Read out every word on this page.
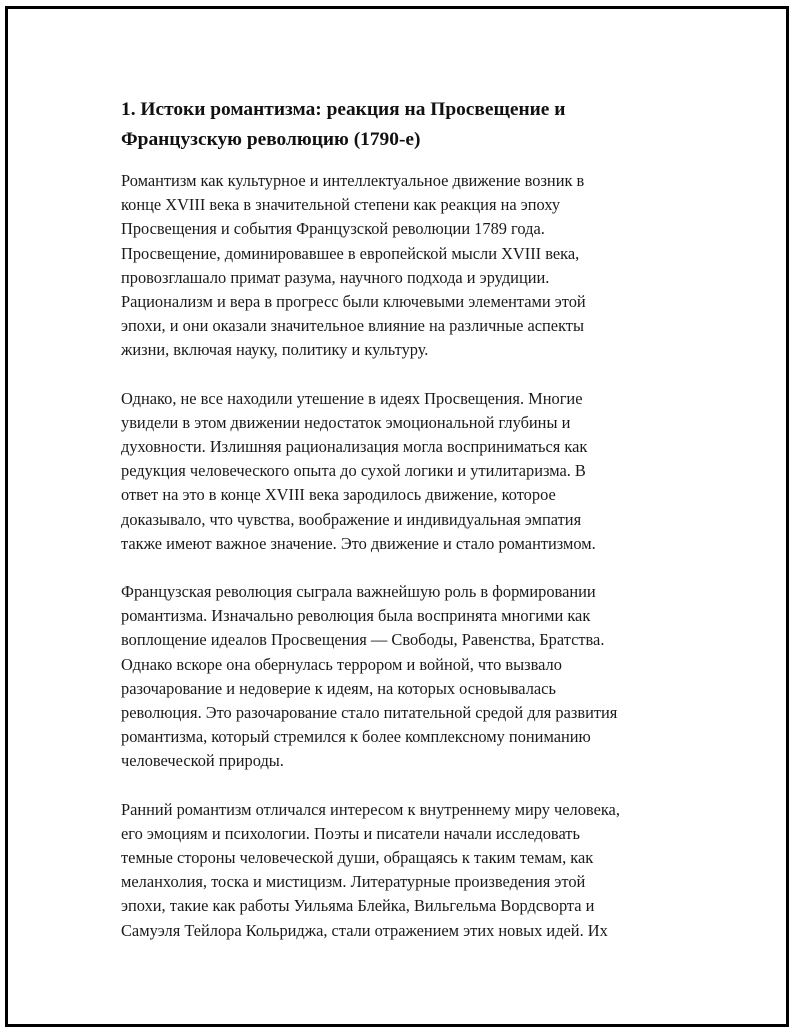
1. Истоки романтизма: реакция на Просвещение и
Французскую революцию (1790-е)

Романтизм как культурное и интеллектуальное движение возник в
конце XVIII века в значительной степени как реакция на эпоху
Просвещения и события Французской революции 1789 года.
Просвещение, доминировавшее в европейской мысли XVIII века,
провозглашало примат разума, научного подхода и эрудиции.
Рационализм и вера в прогресс были ключевыми элементами этой
эпохи, и они оказали значительное влияние на различные аспекты
жизни, включая науку, политику и культуру.

Однако, не все находили утешение в идеях Просвещения. Многие
увидели в этом движении недостаток эмоциональной глубины и
духовности. Излишняя рационализация могла восприниматься как
редукция человеческого опыта до сухой логики и утилитаризма. В
ответ на это в конце XVIII века зародилось движение, которое
доказывало, что чувства, воображение и индивидуальная эмпатия
также имеют важное значение. Это движение и стало романтизмом.

Французская революция сыграла важнейшую роль в формировании
романтизма. Изначально революция была воспринята многими как
воплощение идеалов Просвещения — Свободы, Равенства, Братства.
Однако вскоре она обернулась террором и войной, что вызвало
разочарование и недоверие к идеям, на которых основывалась
революция. Это разочарование стало питательной средой для развития
романтизма, который стремился к более комплексному пониманию
человеческой природы.

Ранний романтизм отличался интересом к внутреннему миру человека,
его эмоциям и психологии. Поэты и писатели начали исследовать
темные стороны человеческой души, обращаясь к таким темам, как
меланхолия, тоска и мистицизм. Литературные произведения этой
эпохи, такие как работы Уильяма Блейка, Вильгельма Вордсворта и
Самуэля Тейлора Кольриджа, стали отражением этих новых идей. Их
